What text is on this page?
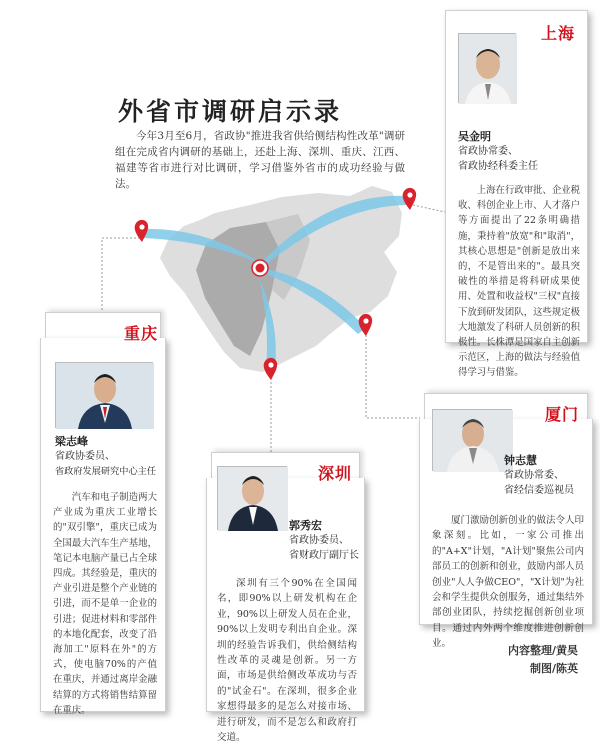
外省市调研启示录
今年3月至6月，省政协"推进我省供给侧结构性改革"调研组在完成省内调研的基础上，还赴上海、深圳、重庆、江西、福建等省市进行对比调研，学习借鉴外省市的成功经验与做法。
上海
吴金明
省政协常委、
省政协经科委主任
上海在行政审批、企业税收、科创企业上市、人才落户等方面提出了22条明确措施，秉持着"放宽"和"取消"，其核心思想是"创新是放出来的，不是管出来的"。最具突破性的举措是将科研成果使用、处置和收益权"三权"直接下放到研发团队，这些规定极大地激发了科研人员创新的积极性。长株潭是国家自主创新示范区，上海的做法与经验值得学习与借鉴。
梁志峰
省政协委员、
省政府发展研究中心主任
汽车和电子制造两大产业成为重庆工业增长的"双引擎"，重庆已成为全国最大汽车生产基地，笔记本电脑产量已占全球四成。其经验是，重庆的产业引进是整个产业链的引进，而不是单一企业的引进；促进材料和零部件的本地化配套，改变了沿海加工"原料在外"的方式，使电脑70%的产值在重庆，并通过离岸金融结算的方式将销售结算留在重庆。
重庆
郭秀宏
省政协委员、
省财政厅副厅长
深圳有三个90%在全国闻名，即90%以上研发机构在企业，90%以上研发人员在企业，90%以上发明专利出自企业。深圳的经验告诉我们，供给侧结构性改革的灵魂是创新。另一方面，市场是供给侧改革成功与否的"试金石"。在深圳，很多企业家想得最多的是怎么对接市场、进行研发，而不是怎么和政府打交道。
深圳
钟志慧
省政协常委、
省经信委巡视员
厦门激励创新创业的做法令人印象深刻。比如，一家公司推出的"A+X"计划，"A计划"聚焦公司内部员工的创新和创业，鼓励内部人员创业"人人争做CEO"，"X计划"为社会和学生提供众创服务，通过集结外部创业团队，持续挖掘创新创业项目。通过内外两个维度推进创新创业。
厦门
内容整理/黄昊
制图/陈英
